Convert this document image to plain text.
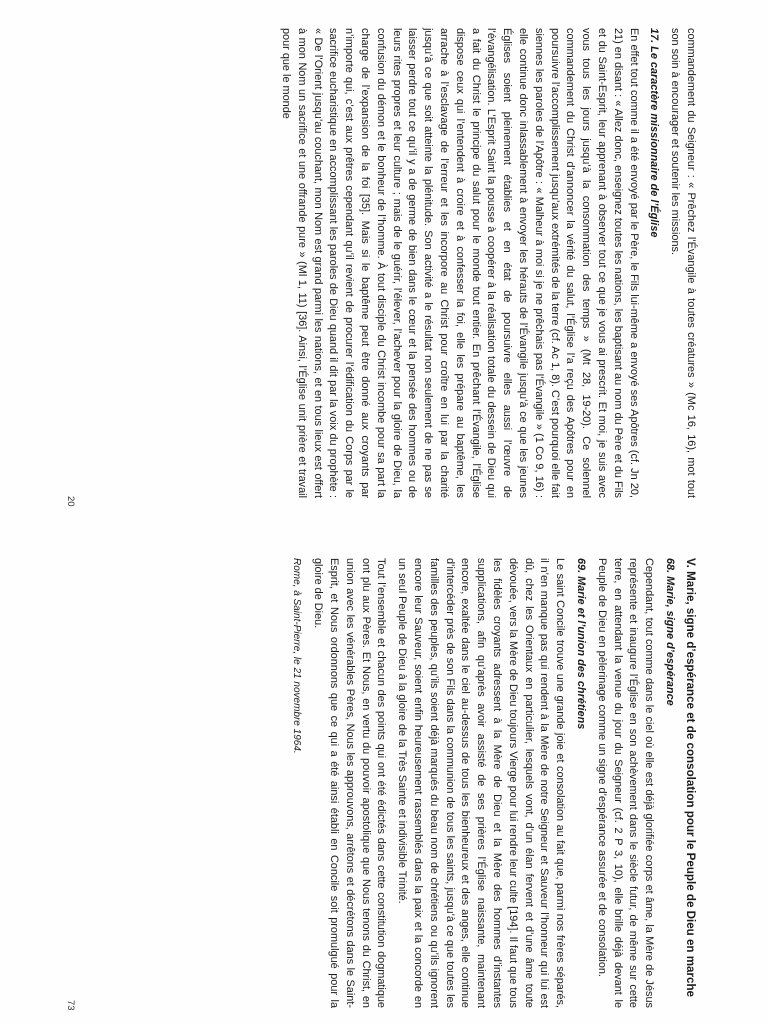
commandement du Seigneur : « Prêchez l’Évangile à toutes créatures » (Mc 16, 16), mot tout son soin à encourager et soutenir les missions.

17. Le caractère missionnaire de l’Église

En effet tout comme il a été envoyé par le Père, le Fils lui-même a envoyé ses Apôtres (cf. Jn 20, 21) en disant : « Allez donc, enseignez toutes les nations, les baptisant au nom du Père et du Fils et du Saint-Esprit, leur apprenant à observer tout ce que je vous ai prescrit. Et moi, je suis avec vous tous les jours jusqu’à la consommation des temps » (Mt 28, 19-20). Ce solennel commandement du Christ d’annoncer la vérité du salut, l’Église l’a reçu des Apôtres pour en poursuivre l’accomplissement jusqu’aux extrémités de la terre (cf. Ac 1, 8). C’est pourquoi elle fait siennes les paroles de l’Apôtre : « Malheur à moi si je ne prêchais pas l’Évangile » (1 Co 9, 16) : elle continue donc inlassablement à envoyer les hérauts de l’Évangile jusqu’à ce que les jeunes Églises soient pleinement établies et en état de poursuivre elles aussi l’œuvre de l’évangélisation. L’Esprit Saint la pousse à coopérer à la réalisation totale du dessein de Dieu qui a fait du Christ le principe du salut pour le monde tout entier. En prêchant l’Évangile, l’Église dispose ceux qui l’entendent à croire et à confesser la foi, elle les prépare au baptême, les arrache à l’esclavage de l’erreur et les incorpore au Christ pour croître en lui par la charité jusqu’à ce que soit atteinte la plénitude. Son activité a le résultat non seulement de ne pas se laisser perdre tout ce qu’il y a de germe de bien dans le cœur et la pensée des hommes ou de leurs rites propres et leur culture ; mais de le guérir, l’élever, l’achever pour la gloire de Dieu, la confusion du démon et le bonheur de l’homme. À tout disciple du Christ incombe pour sa part la charge de l’expansion de la foi [35]. Mais si le baptême peut être donné aux croyants par n’importe qui, c’est aux prêtres cependant qu’il revient de procurer l’édification du Corps par le sacrifice eucharistique en accomplissant les paroles de Dieu quand il dit par la voix du prophète : « De l’Orient jusqu’au couchant, mon Nom est grand parmi les nations, et en tous lieux est offert à mon Nom un sacrifice et une offrande pure » (Ml 1, 11) [36]. Ainsi, l’Église unit prière et travail pour que le monde

20
V. Marie, signe d’espérance et de consolation pour le Peuple de Dieu en marche
68. Marie, signe d’espérance

Cependant, tout comme dans le ciel où elle est déjà glorifiée corps et âme, la Mère de Jésus représente et inaugure l’Église en son achèvement dans le siècle futur, de même sur cette terre, en attendant la venue du jour du Seigneur (cf. 2 P 3, 10), elle brille déjà devant le Peuple de Dieu en pèlerinage comme un signe d’espérance assurée et de consolation.

69. Marie et l’union des chrétiens

Le saint Concile trouve une grande joie et consolation au fait que, parmi nos frères séparés, il n’en manque pas qui rendent à la Mère de notre Seigneur et Sauveur l’honneur qui lui est dû, chez les Orientaux en particulier, lesquels vont, d’un élan fervent et d’une âme toute dévouée, vers la Mère de Dieu toujours Vierge pour lui rendre leur culte [194]. Il faut que tous les fidèles croyants adressent à la Mère de Dieu et la Mère des hommes d’instantes supplications, afin qu’après avoir assisté de ses prières l’Église naissante, maintenant encore, exaltée dans le ciel au-dessus de tous les bienheureux et des anges, elle continue d’intercéder près de son Fils dans la communion de tous les saints, jusqu’à ce que toutes les familles des peuples, qu’ils soient déjà marqués du beau nom de chrétiens ou qu’ils ignorent encore leur Sauveur, soient enfin heureusement rassemblés dans la paix et la concorde en un seul Peuple de Dieu à la gloire de la Très Sainte et indivisible Trinité.

Tout l’ensemble et chacun des points qui ont été édictés dans cette constitution dogmatique ont plu aux Pères. Et Nous, en vertu du pouvoir apostolique que Nous tenons du Christ, en union avec les vénérables Pères, Nous les approuvons, arrêtons et décrétons dans le Saint-Esprit, et Nous ordonnons que ce qui a été ainsi établi en Concile soit promulgué pour la gloire de Dieu.

Rome, à Saint-Pierre, le 21 novembre 1964.

73
